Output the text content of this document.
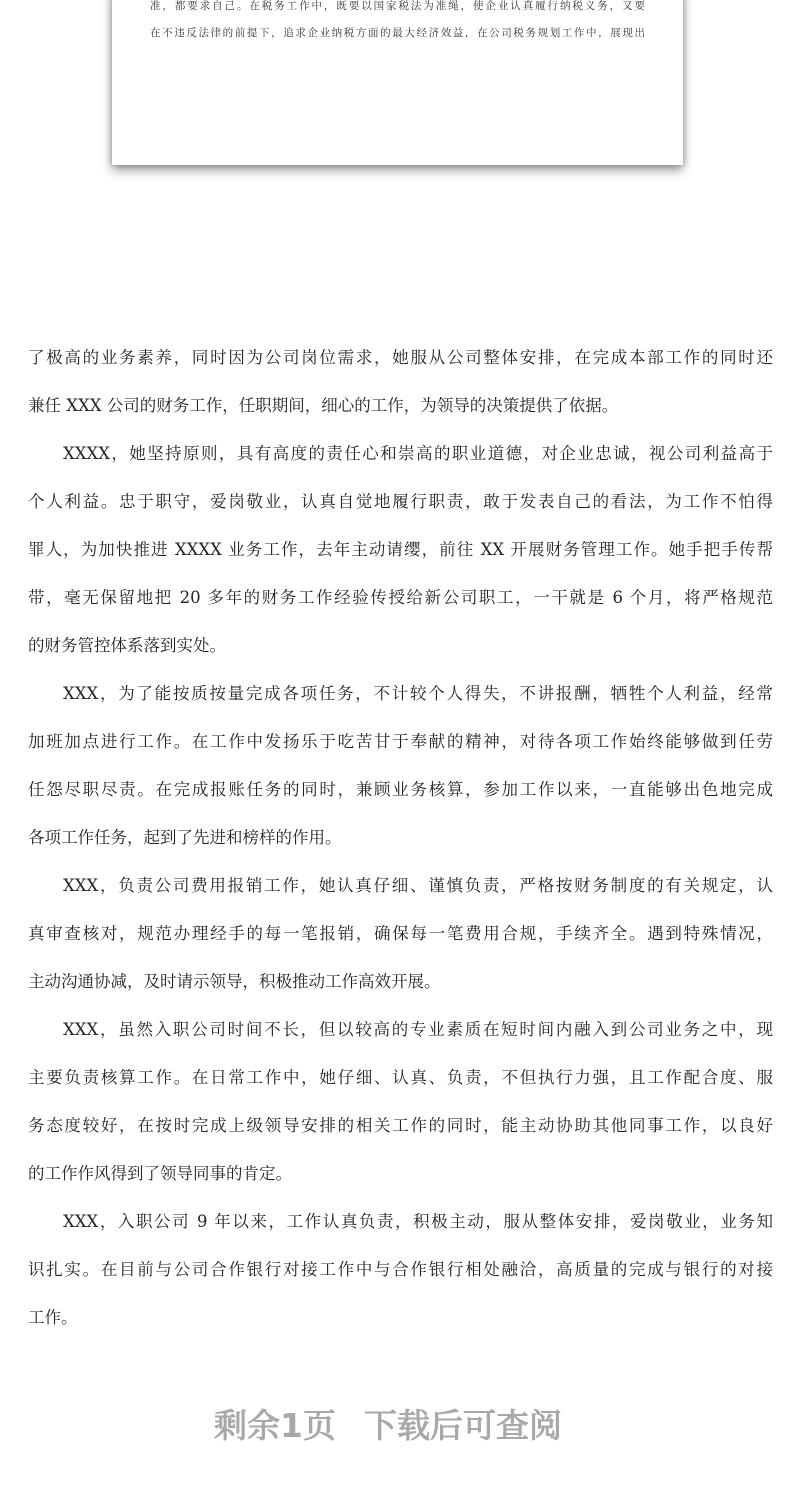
准，都要求自己。在税务工作中，既要以国家税法为准绳，使企业认真履行纳税义务，又要
在不违反法律的前提下，追求企业纳税方面的最大经济效益，在公司税务规划工作中，展现出
了极高的业务素养，同时因为公司岗位需求，她服从公司整体安排，在完成本部工作的同时还
兼任 XXX 公司的财务工作，任职期间，细心的工作，为领导的决策提供了依据。
XXXX，她坚持原则，具有高度的责任心和崇高的职业道德，对企业忠诚，视公司利益高于
个人利益。忠于职守，爱岗敬业，认真自觉地履行职责，敢于发表自己的看法，为工作不怕得
罪人，为加快推进 XXXX 业务工作，去年主动请缨，前往 XX 开展财务管理工作。她手把手传帮
带，毫无保留地把 20 多年的财务工作经验传授给新公司职工，一干就是 6 个月，将严格规范
的财务管控体系落到实处。
XXX，为了能按质按量完成各项任务，不计较个人得失，不讲报酬，牺牲个人利益，经常
加班加点进行工作。在工作中发扬乐于吃苦甘于奉献的精神，对待各项工作始终能够做到任劳
任怨尽职尽责。在完成报账任务的同时，兼顾业务核算，参加工作以来，一直能够出色地完成
各项工作任务，起到了先进和榜样的作用。
XXX，负责公司费用报销工作，她认真仔细、谨慎负责，严格按财务制度的有关规定，认
真审查核对，规范办理经手的每一笔报销，确保每一笔费用合规，手续齐全。遇到特殊情况，
主动沟通协减，及时请示领导，积极推动工作高效开展。
XXX，虽然入职公司时间不长，但以较高的专业素质在短时间内融入到公司业务之中，现
主要负责核算工作。在日常工作中，她仔细、认真、负责，不但执行力强，且工作配合度、服
务态度较好，在按时完成上级领导安排的相关工作的同时，能主动协助其他同事工作，以良好
的工作作风得到了领导同事的肯定。
XXX，入职公司 9 年以来，工作认真负责，积极主动，服从整体安排，爱岗敬业，业务知
识扎实。在目前与公司合作银行对接工作中与合作银行相处融洽，高质量的完成与银行的对接
工作。
剩余1页 下载后可查阅
